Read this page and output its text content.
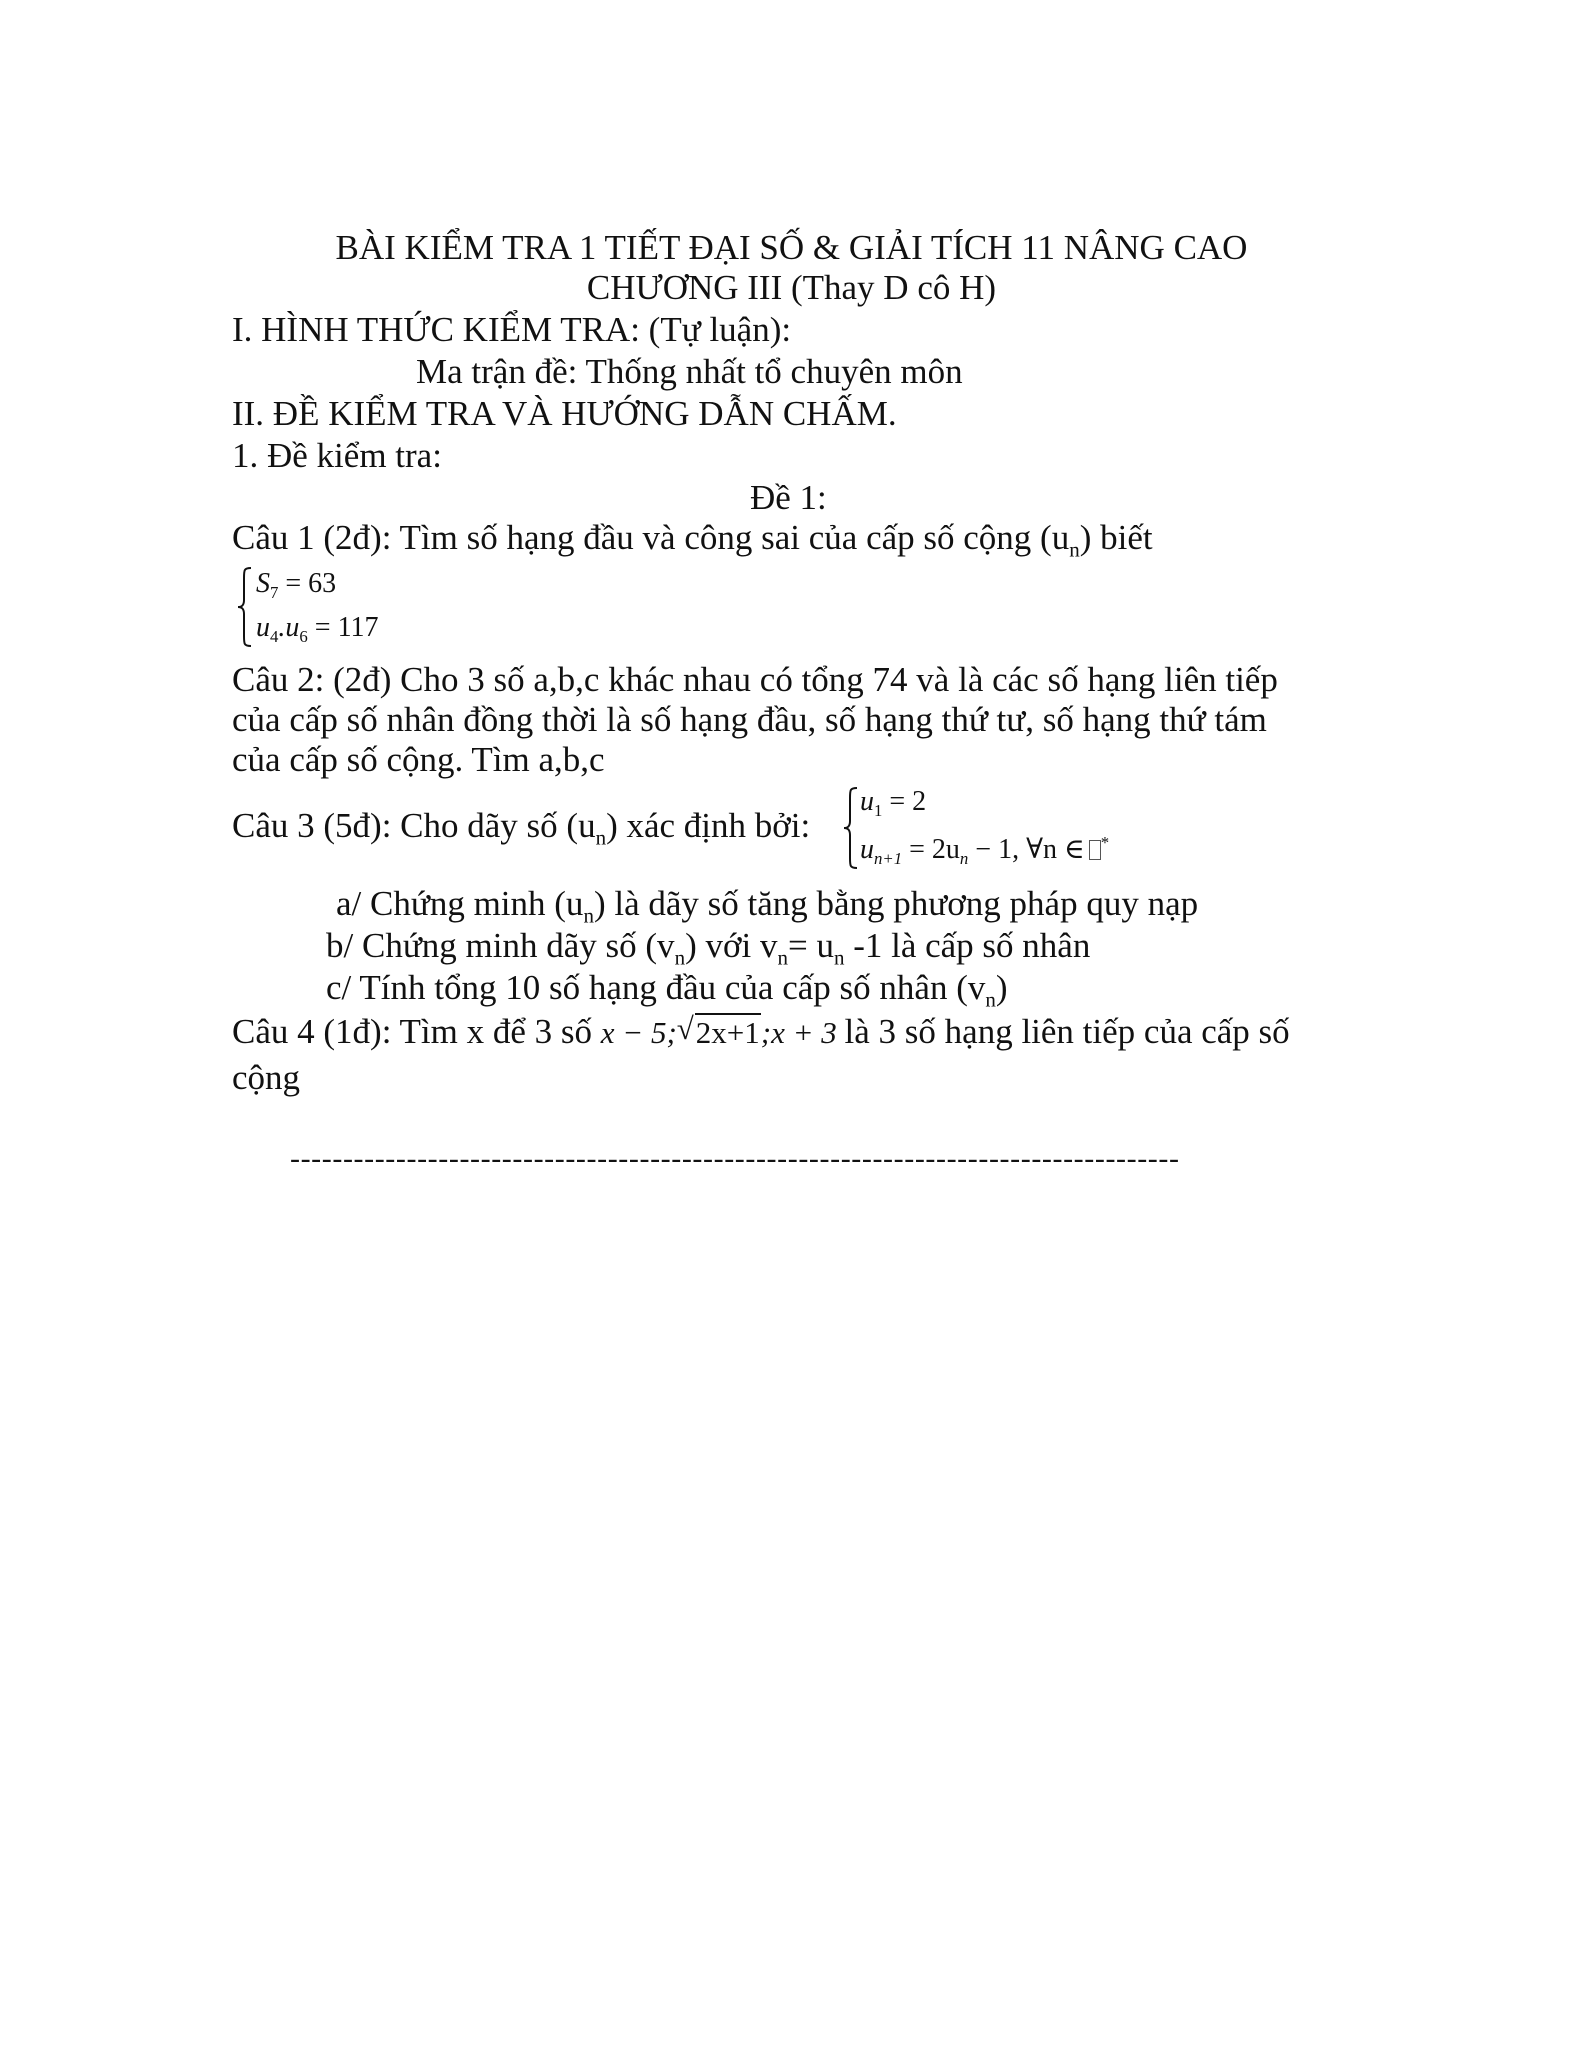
BÀI KIỂM TRA 1 TIẾT ĐẠI SỐ & GIẢI TÍCH 11 NÂNG CAO
CHƯƠNG III (Thay D cô H)
I. HÌNH THỨC KIỂM TRA: (Tự luận):
Ma trận đề: Thống nhất tổ chuyên môn
II. ĐỀ KIỂM TRA VÀ HƯỚNG DẪN CHẤM.
1. Đề kiểm tra:
Đề 1:
Câu 1 (2đ): Tìm số hạng đầu và công sai của cấp số cộng $(u_n)$ biết
$S_7 = 63$
$u_4.u_6 = 117$
Câu 2: (2đ) Cho 3 số a,b,c khác nhau có tổng 74 và là các số hạng liên tiếp
của cấp số nhân đồng thời là số hạng đầu, số hạng thứ tư, số hạng thứ tám
của cấp số cộng. Tìm a,b,c
Câu 3 (5đ): Cho dãy số $(u_n)$ xác định bởi:
$u_1 = 2$
$u_{n+1} = 2u_n - 1$, ∀n ∈ *
a/ Chứng minh $(u_n)$ là dãy số tăng bằng phương pháp quy nạp
b/ Chứng minh dãy số $(v_n)$ với $v_n= u_n$ -1 là cấp số nhân
c/ Tính tổng 10 số hạng đầu của cấp số nhân $(v_n)$
Câu 4 (1đ): Tìm x để 3 số x − 5; √ 2x+1;x + 3 là 3 số hạng liên tiếp của cấp số
cộng
------------------------------------------------------------------------------------
